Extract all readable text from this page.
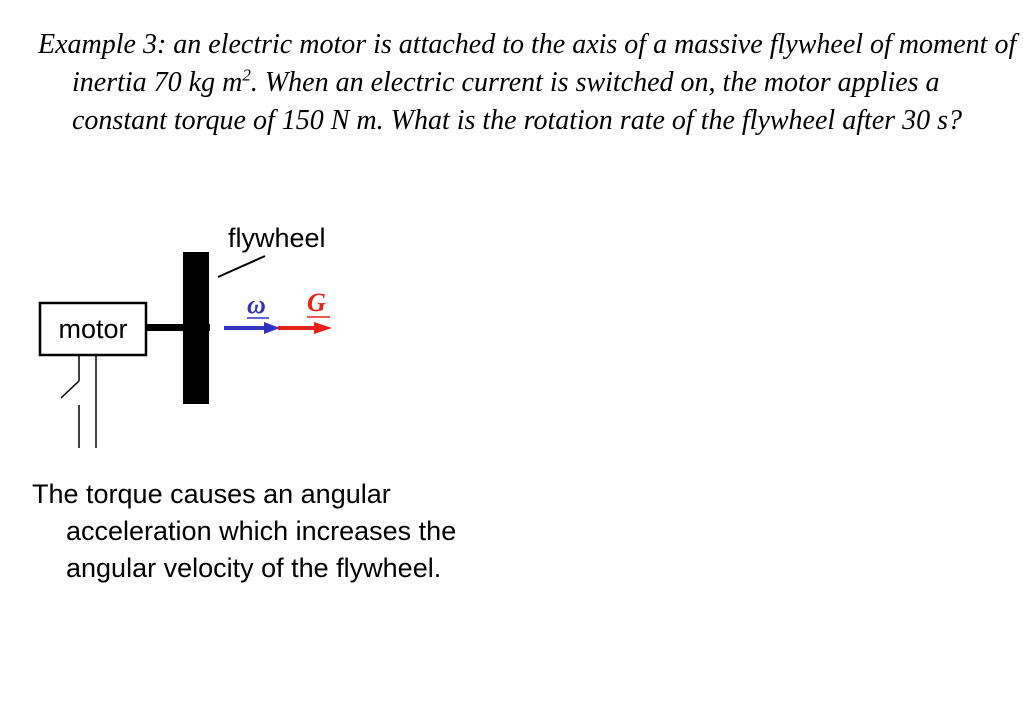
Example 3: an electric motor is attached to the axis of a massive flywheel of moment of inertia 70 kg $m^2$. When an electric current is switched on, the motor applies a constant torque of 150 N m. What is the rotation rate of the flywheel after 30 s?

flywheel
motor
ω G

The torque causes an angular acceleration which increases the angular velocity of the flywheel.
